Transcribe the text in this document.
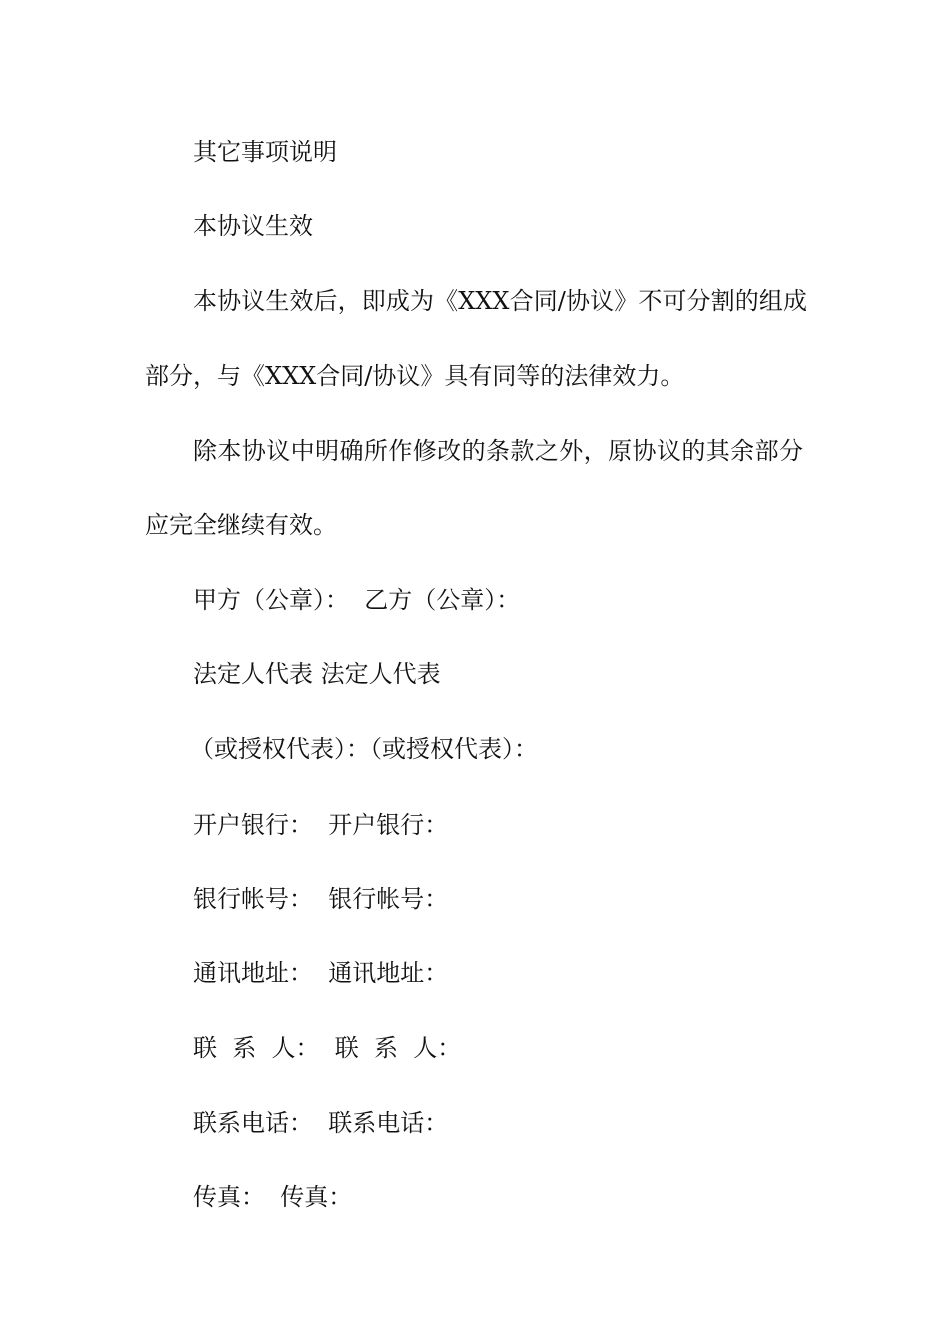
其它事项说明
本协议生效
本协议生效后，即成为《XXX合同/协议》不可分割的组成
部分，与《XXX合同/协议》具有同等的法律效力。
除本协议中明确所作修改的条款之外，原协议的其余部分
应完全继续有效。
甲方（公章）：  乙方（公章）：
法定人代表 法定人代表
（或授权代表）：（或授权代表）：
开户银行：  开户银行：
银行帐号：  银行帐号：
通讯地址：  通讯地址：
联  系  人：  联  系  人：
联系电话：  联系电话：
传真：  传真：
